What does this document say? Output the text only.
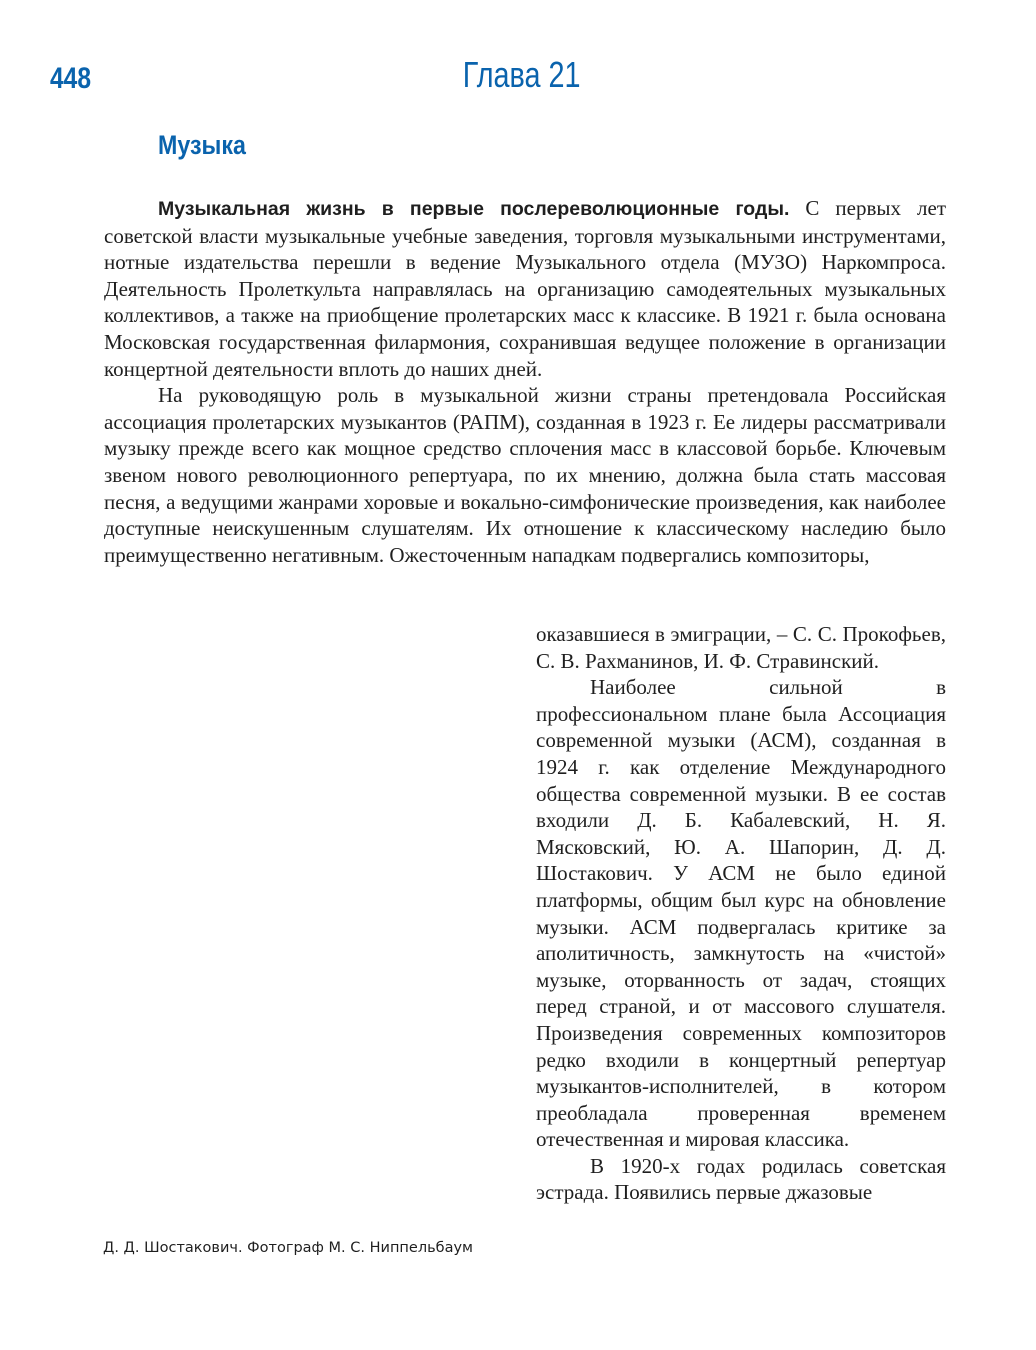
448	Глава 21
Музыка

Музыкальная жизнь в первые послереволюционные годы. С первых лет советской власти музыкальные учебные заведения, торговля музыкальными инструментами, нотные издательства перешли в ведение Музыкального отдела (МУЗО) Наркомпроса. Деятельность Пролеткульта направлялась на организацию самодеятельных музыкальных коллективов, а также на приобщение пролетарских масс к классике. В 1921 г. была основана Московская государственная филармония, сохранившая ведущее положение в организации концертной деятельности вплоть до наших дней.

На руководящую роль в музыкальной жизни страны претендовала Российская ассоциация пролетарских музыкантов (РАПМ), созданная в 1923 г. Ее лидеры рассматривали музыку прежде всего как мощное средство сплочения масс в классовой борьбе. Ключевым звеном нового революционного репертуара, по их мнению, должна была стать массовая песня, а ведущими жанрами хоровые и вокально-симфонические произведения, как наиболее доступные неискушенным слушателям. Их отношение к классическому наследию было преимущественно негативным. Ожесточенным нападкам подвергались композиторы,

оказавшиеся в эмиграции, – С. С. Прокофьев, С. В. Рахманинов, И. Ф. Стравинский.

Наиболее сильной в профессиональном плане была Ассоциация современной музыки (АСМ), созданная в 1924 г. как отделение Международного общества современной музыки. В ее состав входили Д. Б. Кабалевский, Н. Я. Мясковский, Ю. А. Шапорин, Д. Д. Шостакович. У АСМ не было единой платформы, общим был курс на обновление музыки. АСМ подвергалась критике за аполитичность, замкнутость на «чистой» музыке, оторванность от задач, стоящих перед страной, и от массового слушателя. Произведения современных композиторов редко входили в концертный репертуар музыкантов-исполнителей, в котором преобладала проверенная временем отечественная и мировая классика.

В 1920-х годах родилась советская эстрада. Появились первые джазовые

Д. Д. Шостакович. Фотограф М. С. Ниппельбаум
